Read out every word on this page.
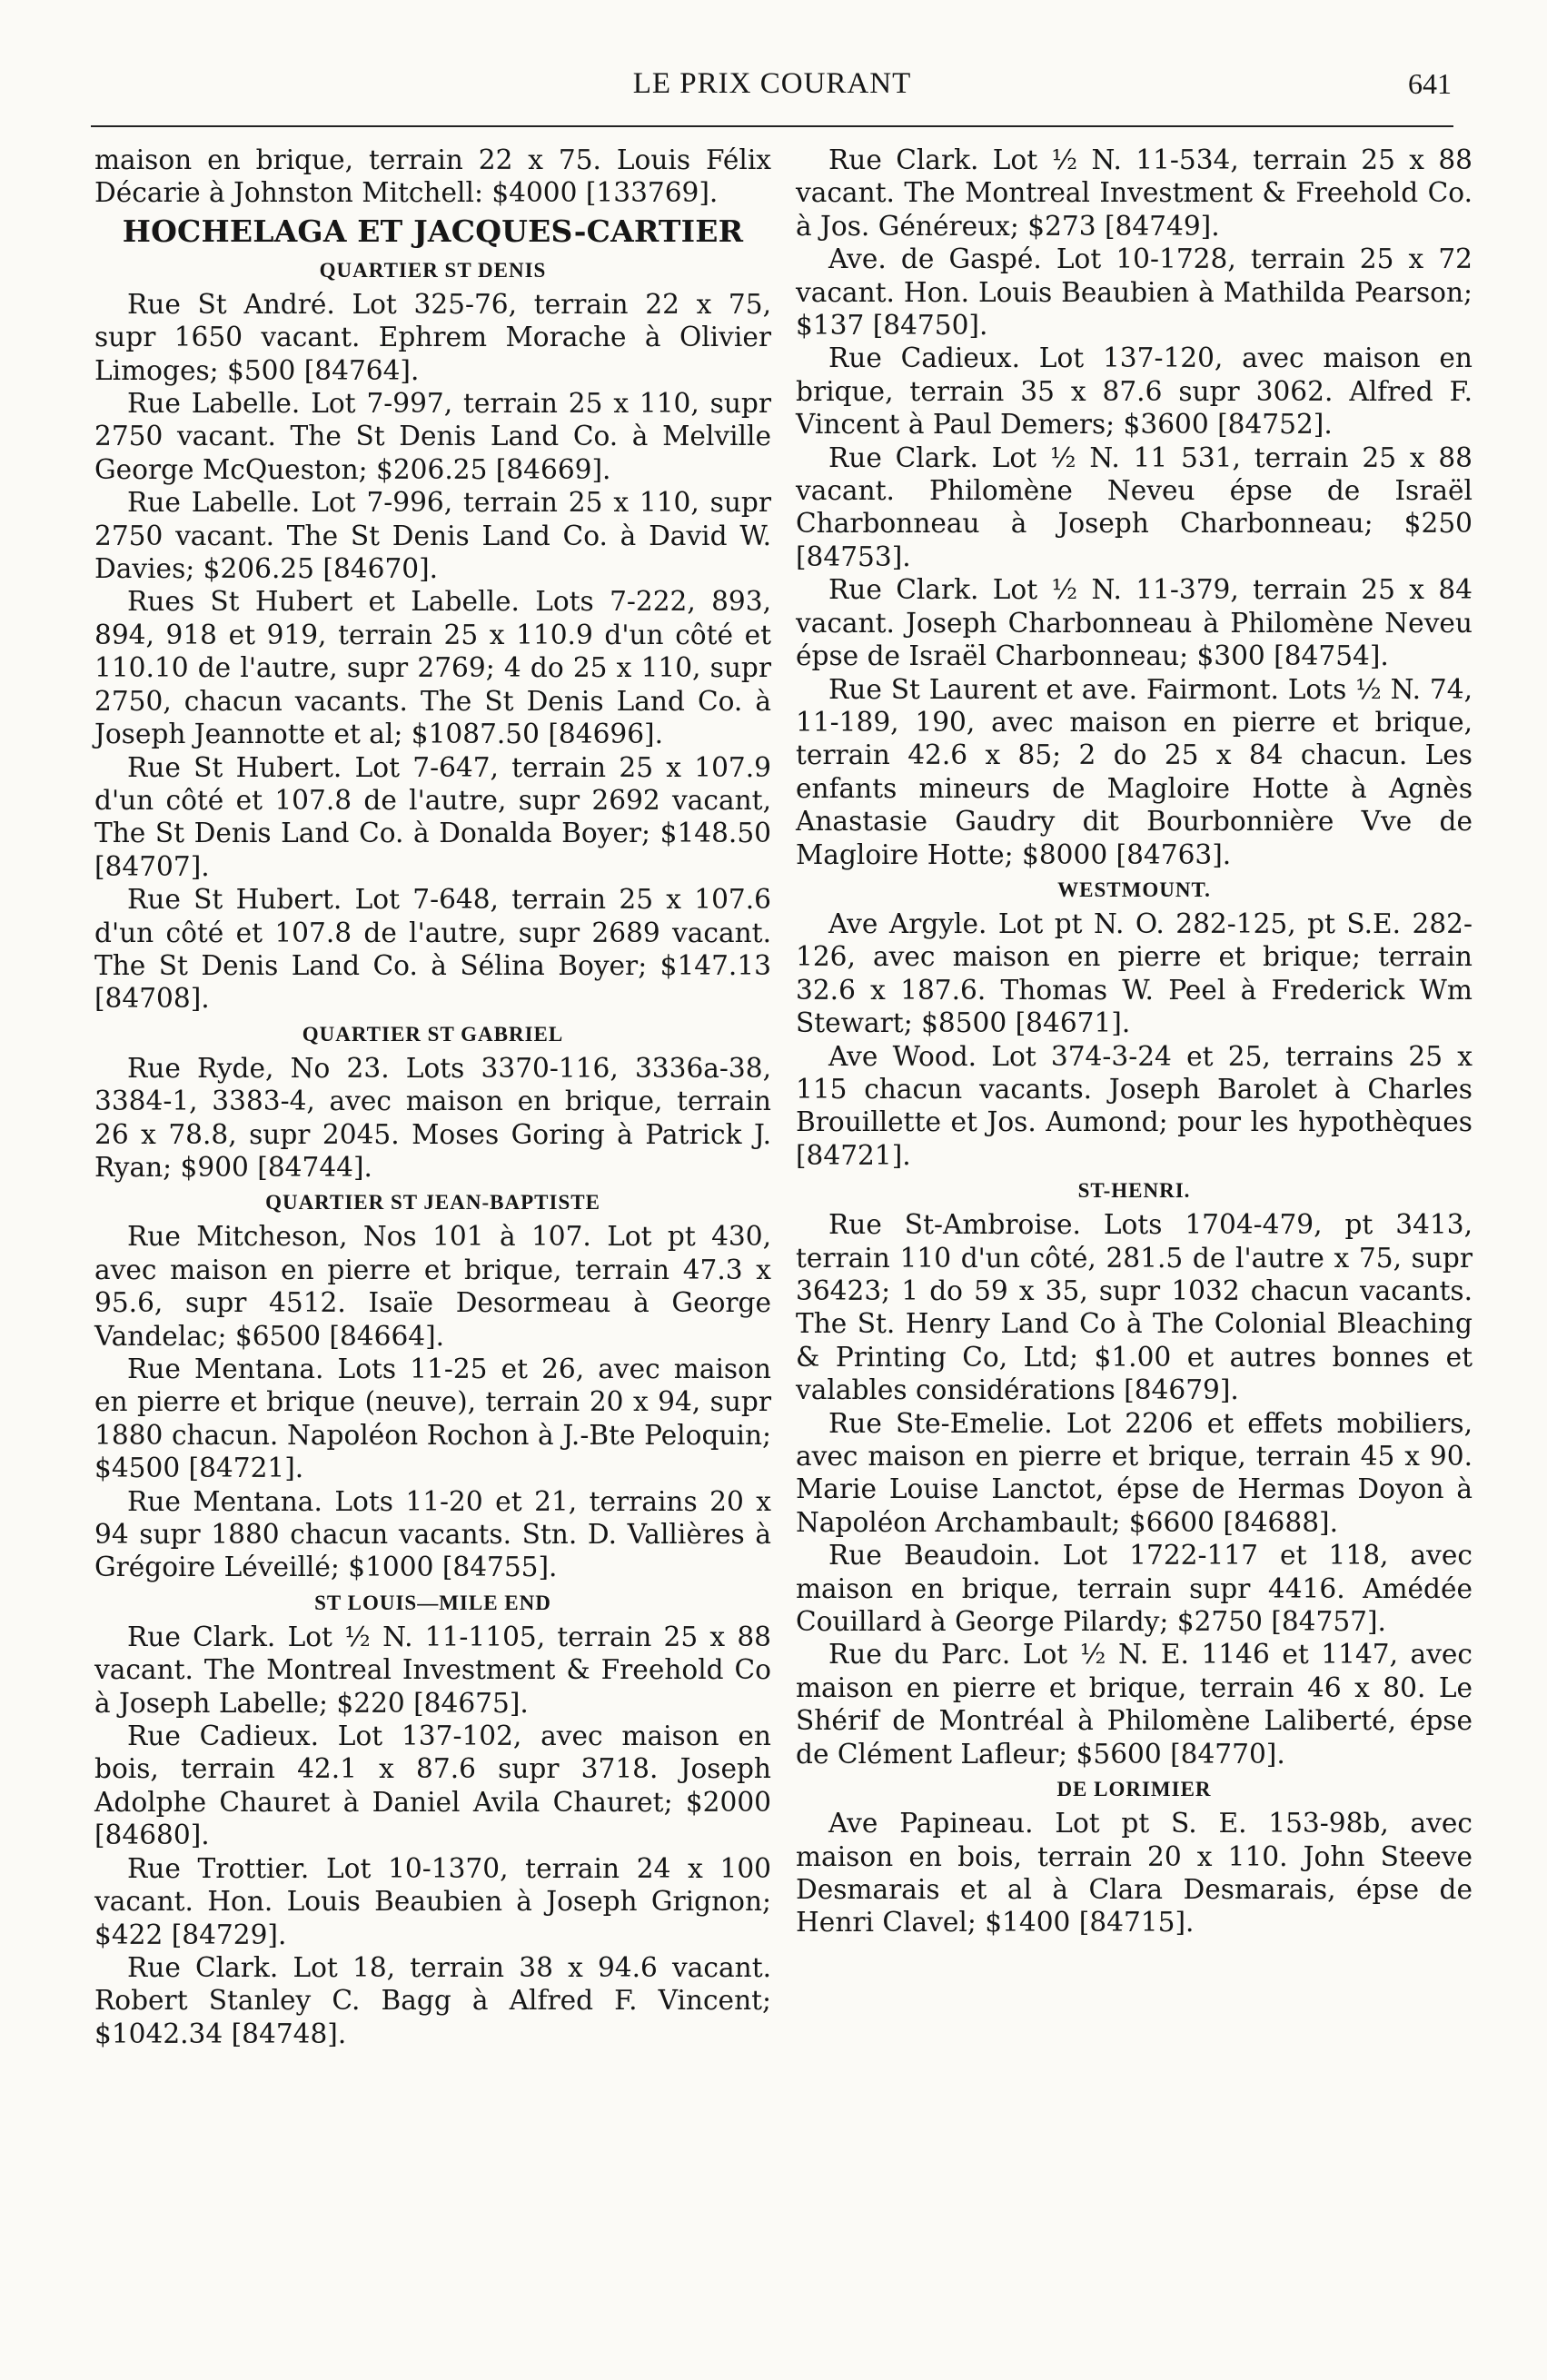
LE PRIX COURANT	641

maison en brique, terrain 22 x 75. Louis Félix Décarie à Johnston Mitchell: $4000 [133769].

HOCHELAGA ET JACQUES-CARTIER
QUARTIER ST DENIS

Rue St André. Lot 325-76, terrain 22 x 75, supr 1650 vacant. Ephrem Morache à Olivier Limoges; $500 [84764].

Rue Labelle. Lot 7-997, terrain 25 x 110, supr 2750 vacant. The St Denis Land Co. à Melville George McQueston; $206.25 [84669].

Rue Labelle. Lot 7-996, terrain 25 x 110, supr 2750 vacant. The St Denis Land Co. à David W. Davies; $206.25 [84670].

Rues St Hubert et Labelle. Lots 7-222, 893, 894, 918 et 919, terrain 25 x 110.9 d'un côté et 110.10 de l'autre, supr 2769; 4 do 25 x 110, supr 2750, chacun vacants. The St Denis Land Co. à Joseph Jeannotte et al; $1087.50 [84696].

Rue St Hubert. Lot 7-647, terrain 25 x 107.9 d'un côté et 107.8 de l'autre, supr 2692 vacant, The St Denis Land Co. à Donalda Boyer; $148.50 [84707].

Rue St Hubert. Lot 7-648, terrain 25 x 107.6 d'un côté et 107.8 de l'autre, supr 2689 vacant. The St Denis Land Co. à Sélina Boyer; $147.13 [84708].

QUARTIER ST GABRIEL

Rue Ryde, No 23. Lots 3370-116, 3336a-38, 3384-1, 3383-4, avec maison en brique, terrain 26 x 78.8, supr 2045. Moses Goring à Patrick J. Ryan; $900 [84744].

QUARTIER ST JEAN-BAPTISTE

Rue Mitcheson, Nos 101 à 107. Lot pt 430, avec maison en pierre et brique, terrain 47.3 x 95.6, supr 4512. Isaïe Desormeau à George Vandelac; $6500 [84664].

Rue Mentana. Lots 11-25 et 26, avec maison en pierre et brique (neuve), terrain 20 x 94, supr 1880 chacun. Napoléon Rochon à J.-Bte Peloquin; $4500 [84721].

Rue Mentana. Lots 11-20 et 21, terrains 20 x 94 supr 1880 chacun vacants. Stn. D. Vallières à Grégoire Léveillé; $1000 [84755].

ST LOUIS—MILE END

Rue Clark. Lot ½ N. 11-1105, terrain 25 x 88 vacant. The Montreal Investment & Freehold Co à Joseph Labelle; $220 [84675].

Rue Cadieux. Lot 137-102, avec maison en bois, terrain 42.1 x 87.6 supr 3718. Joseph Adolphe Chauret à Daniel Avila Chauret; $2000 [84680].

Rue Trottier. Lot 10-1370, terrain 24 x 100 vacant. Hon. Louis Beaubien à Joseph Grignon; $422 [84729].

Rue Clark. Lot 18, terrain 38 x 94.6 vacant. Robert Stanley C. Bagg à Alfred F. Vincent; $1042.34 [84748].

Rue Clark. Lot ½ N. 11-534, terrain 25 x 88 vacant. The Montreal Investment & Freehold Co. à Jos. Généreux; $273 [84749].

Ave. de Gaspé. Lot 10-1728, terrain 25 x 72 vacant. Hon. Louis Beaubien à Mathilda Pearson; $137 [84750].

Rue Cadieux. Lot 137-120, avec maison en brique, terrain 35 x 87.6 supr 3062. Alfred F. Vincent à Paul Demers; $3600 [84752].

Rue Clark. Lot ½ N. 11 531, terrain 25 x 88 vacant. Philomène Neveu épse de Israël Charbonneau à Joseph Charbonneau; $250 [84753].

Rue Clark. Lot ½ N. 11-379, terrain 25 x 84 vacant. Joseph Charbonneau à Philomène Neveu épse de Israël Charbonneau; $300 [84754].

Rue St Laurent et ave. Fairmont. Lots ½ N. 74, 11-189, 190, avec maison en pierre et brique, terrain 42.6 x 85; 2 do 25 x 84 chacun. Les enfants mineurs de Magloire Hotte à Agnès Anastasie Gaudry dit Bourbonnière Vve de Magloire Hotte; $8000 [84763].

WESTMOUNT.

Ave Argyle. Lot pt N. O. 282-125, pt S.E. 282-126, avec maison en pierre et brique; terrain 32.6 x 187.6. Thomas W. Peel à Frederick Wm Stewart; $8500 [84671].

Ave Wood. Lot 374-3-24 et 25, terrains 25 x 115 chacun vacants. Joseph Barolet à Charles Brouillette et Jos. Aumond; pour les hypothèques [84721].

ST-HENRI.

Rue St-Ambroise. Lots 1704-479, pt 3413, terrain 110 d'un côté, 281.5 de l'autre x 75, supr 36423; 1 do 59 x 35, supr 1032 chacun vacants. The St. Henry Land Co à The Colonial Bleaching & Printing Co, Ltd; $1.00 et autres bonnes et valables considérations [84679].

Rue Ste-Emelie. Lot 2206 et effets mobiliers, avec maison en pierre et brique, terrain 45 x 90. Marie Louise Lanctot, épse de Hermas Doyon à Napoléon Archambault; $6600 [84688].

Rue Beaudoin. Lot 1722-117 et 118, avec maison en brique, terrain supr 4416. Amédée Couillard à George Pilardy; $2750 [84757].

Rue du Parc. Lot ½ N. E. 1146 et 1147, avec maison en pierre et brique, terrain 46 x 80. Le Shérif de Montréal à Philomène Laliberté, épse de Clément Lafleur; $5600 [84770].

DE LORIMIER

Ave Papineau. Lot pt S. E. 153-98b, avec maison en bois, terrain 20 x 110. John Steeve Desmarais et al à Clara Desmarais, épse de Henri Clavel; $1400 [84715].
